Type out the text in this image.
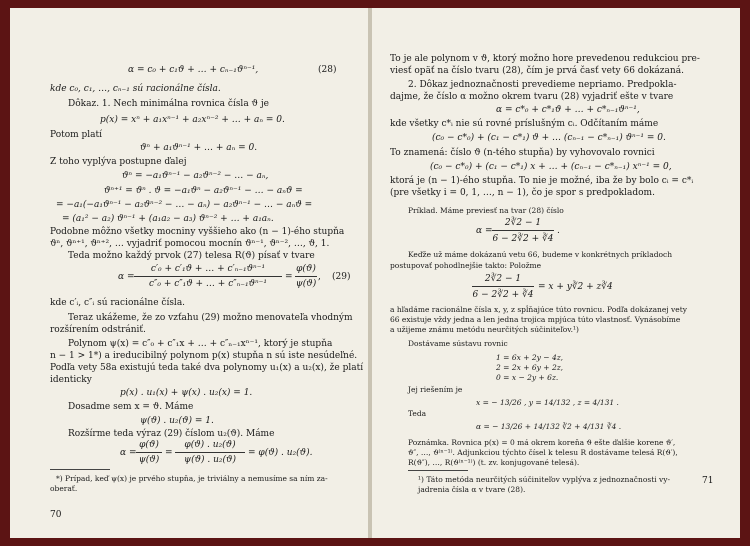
α = c₀ + c₁ϑ + … + cₙ₋₁ϑⁿ⁻¹,	(28)
kde c₀, c₁, …, cₙ₋₁ sú racionálne čísla.
Dôkaz. 1. Nech minimálna rovnica čísla ϑ je
p(x) = xⁿ + a₁xⁿ⁻¹ + a₂xⁿ⁻² + … + aₙ = 0.
Potom platí
ϑⁿ + a₁ϑⁿ⁻¹ + … + aₙ = 0.
Z toho vyplýva postupne ďalej
ϑⁿ = −a₁ϑⁿ⁻¹ − a₂ϑⁿ⁻² − … − aₙ,
ϑⁿ⁺¹ = ϑⁿ . ϑ = −a₁ϑⁿ − a₂ϑⁿ⁻¹ − … − aₙϑ =
= −a₁(−a₁ϑⁿ⁻¹ − a₂ϑⁿ⁻² − … − aₙ) − a₂ϑⁿ⁻¹ − … − aₙϑ =
= (a₁² − a₂) ϑⁿ⁻¹ + (a₁a₂ − a₃) ϑⁿ⁻² + … + a₁aₙ.
Podobne môžno všetky mocniny vyššieho ako (n − 1)-ého stupňa
ϑⁿ, ϑⁿ⁺¹, ϑⁿ⁺², … vyjadriť pomocou mocnín ϑⁿ⁻¹, ϑⁿ⁻², …, ϑ, 1.
Teda možno každý prvok (27) telesa R(ϑ) písať v tvare
α =
c′₀ + c′₁ϑ + … + c′ₙ₋₁ϑⁿ⁻¹
c″₀ + c″₁ϑ + … + c″ₙ₋₁ϑⁿ⁻¹
=
φ(ϑ)
ψ(ϑ)
, (29)
kde c′ᵢ, c″ᵢ sú racionálne čísla.
Teraz ukážeme, že zo vzťahu (29) možno menovateľa vhodným
rozšírením odstrániť.
Polynom ψ(x) = c″₀ + c″₁x + … + c″ₙ₋₁xⁿ⁻¹, ktorý je stupňa
n − 1 > 1*) a ireducibilný polynom p(x) stupňa n sú iste nesúdeľné.
Podľa vety 58a existujú teda také dva polynomy u₁(x) a u₂(x), že platí
identicky
p(x) . u₁(x) + ψ(x) . u₂(x) = 1.
Dosadme sem x = ϑ. Máme
ψ(ϑ) . u₂(ϑ) = 1.
Rozšírme teda výraz (29) číslom u₂(ϑ). Máme
α =
φ(ϑ)
ψ(ϑ)
=
φ(ϑ) . u₂(ϑ)
ψ(ϑ) . u₂(ϑ)
= φ(ϑ) . u₂(ϑ).
*) Prípad, keď ψ(x) je prvého stupňa, je triviálny a nemusíme sa ním za-
oberať.
70
To je ale polynom v ϑ, ktorý možno hore prevedenou redukciou pre-
viesť opäť na číslo tvaru (28), čím je prvá časť vety 66 dokázaná.
2. Dôkaz jednoznačnosti prevedieme nepriamo. Predpoklа-
dajme, že číslo α možno okrem tvaru (28) vyjadriť ešte v tvare
α = c*₀ + c*₁ϑ + … + c*ₙ₋₁ϑⁿ⁻¹,
kde všetky c*ᵢ nie sú rovné príslušným cᵢ. Odčítaním máme
(c₀ − c*₀) + (c₁ − c*₁) ϑ + … (cₙ₋₁ − c*ₙ₋₁) ϑⁿ⁻¹ = 0.
To znamená: číslo ϑ (n-tého stupňa) by vyhovovalo rovnici
(c₀ − c*₀) + (c₁ − c*₁) x + … + (cₙ₋₁ − c*ₙ₋₁) xⁿ⁻¹ = 0,
ktorá je (n − 1)-ého stupňa. To nie je možné, iba že by bolo cᵢ = c*ᵢ
(pre všetky i = 0, 1, …, n − 1), čo je spor s predpokladom.
Príklad. Máme previesť na tvar (28) číslo
α =
2∛2 − 1
6 − 2∛2 + ∛4
.
Keďže už máme dokázanú vetu 66, budeme v konkrétnych príkladoch
postupovať pohodlnejšie takto: Položme
2∛2 − 1
6 − 2∛2 + ∛4
= x + y∛2 + z∛4
a hľadáme racionálne čísla x, y, z spĺňajúce túto rovnicu. Podľa dokázanej vety
66 existuje vždy jedna a len jedna trojica mpjúca túto vlastnosť. Vynásobíme
a užijeme známu metódu neurčitých súčiniteľov.¹)
Dostávame sústavu rovnic
1 = 6x + 2y − 4z,
2 = 2x + 6y + 2z,
0 = x − 2y + 6z.
Jej riešením je
x = − 13/26 , y = 14/132 , z = 4/131 .
Teda
α = − 13/26 + 14/132 ∛2 + 4/131 ∛4 .
Poznámka. Rovnica p(x) = 0 má okrem koreňa ϑ ešte ďalšie korene ϑ′,
ϑ″, …, ϑ⁽ⁿ⁻¹⁾. Adjunkciou týchto čísel k telesu R dostávame telesá R(ϑ′),
R(ϑ″), …, R(ϑ⁽ⁿ⁻¹⁾) (t. zv. konjugované telesá).
¹) Táto metóda neurčitých súčiniteľov vyplýva z jednoznačnosti vy-
jadrenia čísla α v tvare (28).
71
